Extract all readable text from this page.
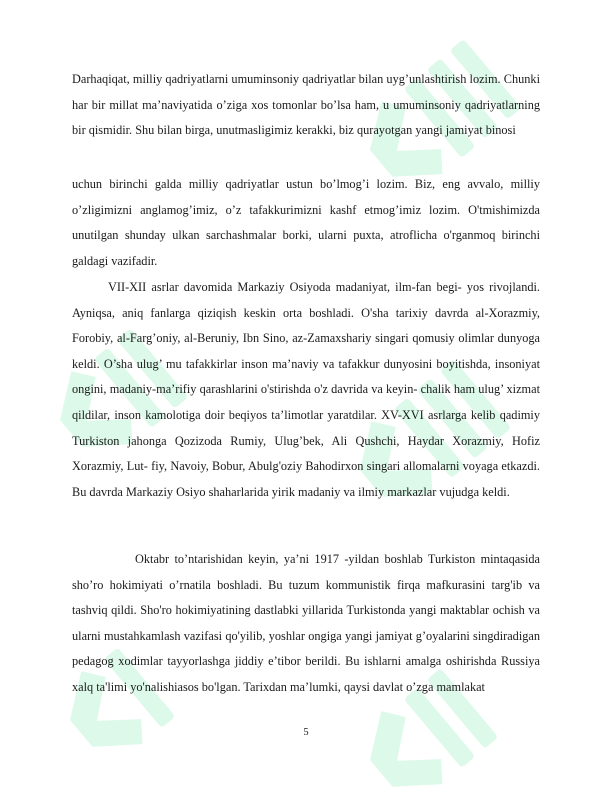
Darhaqiqat, milliy qadriyatlarni umuminsoniy qadriyatlar bilan uyg’unlashtirish lozim. Chunki har bir millat ma’naviyatida o’ziga xos tomonlar bo’lsa ham, u umuminsoniy qadriyatlarning bir qismidir. Shu bilan birga, unutmasligimiz kerakki, biz qurayotgan yangi jamiyat binosi

uchun birinchi galda milliy qadriyatlar ustun bo’lmog’i lozim. Biz, eng avvalo, milliy o’zligimizni anglamog’imiz, o’z tafakkurimizni kashf etmog’imiz lozim. O'tmishimizda unutilgan shunday ulkan sarchashmalar borki, ularni puxta, atroflicha o'rganmoq birinchi galdagi vazifadir.

VII-XII asrlar davomida Markaziy Osiyoda madaniyat, ilm-fan begi- yos rivojlandi. Ayniqsa, aniq fanlarga qiziqish keskin orta boshladi. O'sha tarixiy davrda al-Xorazmiy, Forobiy, al-Farg’oniy, al-Beruniy, Ibn Sino, az-Zamaxshariy singari qomusiy olimlar dunyoga keldi. O’sha ulug’ mu tafakkirlar inson ma’naviy va tafakkur dunyosini boyitishda, insoniyat ongini, madaniy-ma’rifiy qarashlarini o'stirishda o'z davrida va keyin- chalik ham ulug’ xizmat qildilar, inson kamolotiga doir beqiyos ta’limotlar yaratdilar. XV-XVI asrlarga kelib qadimiy Turkiston jahonga Qozizoda Rumiy, Ulug’bek, Ali Qushchi, Haydar Xorazmiy, Hofiz Xorazmiy, Lut- fiy, Navoiy, Bobur, Abulg'oziy Bahodirxon singari allomalarni voyaga etkazdi. Bu davrda Markaziy Osiyo shaharlarida yirik madaniy va ilmiy markazlar vujudga keldi.

Oktabr to’ntarishidan keyin, ya’ni 1917 -yildan boshlab Turkiston mintaqasida sho’ro hokimiyati o’rnatila boshladi. Bu tuzum kommunistik firqa mafkurasini targ'ib va tashviq qildi. Sho'ro hokimiyatining dastlabki yillarida Turkistonda yangi maktablar ochish va ularni mustahkamlash vazifasi qo'yilib, yoshlar ongiga yangi jamiyat g’oyalarini singdiradigan pedagog xodimlar tayyorlashga jiddiy e’tibor berildi. Bu ishlarni amalga oshirishda Russiya xalq ta'limi yo'nalishiasos bo'lgan. Tarixdan ma’lumki, qaysi davlat o’zga mamlakat

5
